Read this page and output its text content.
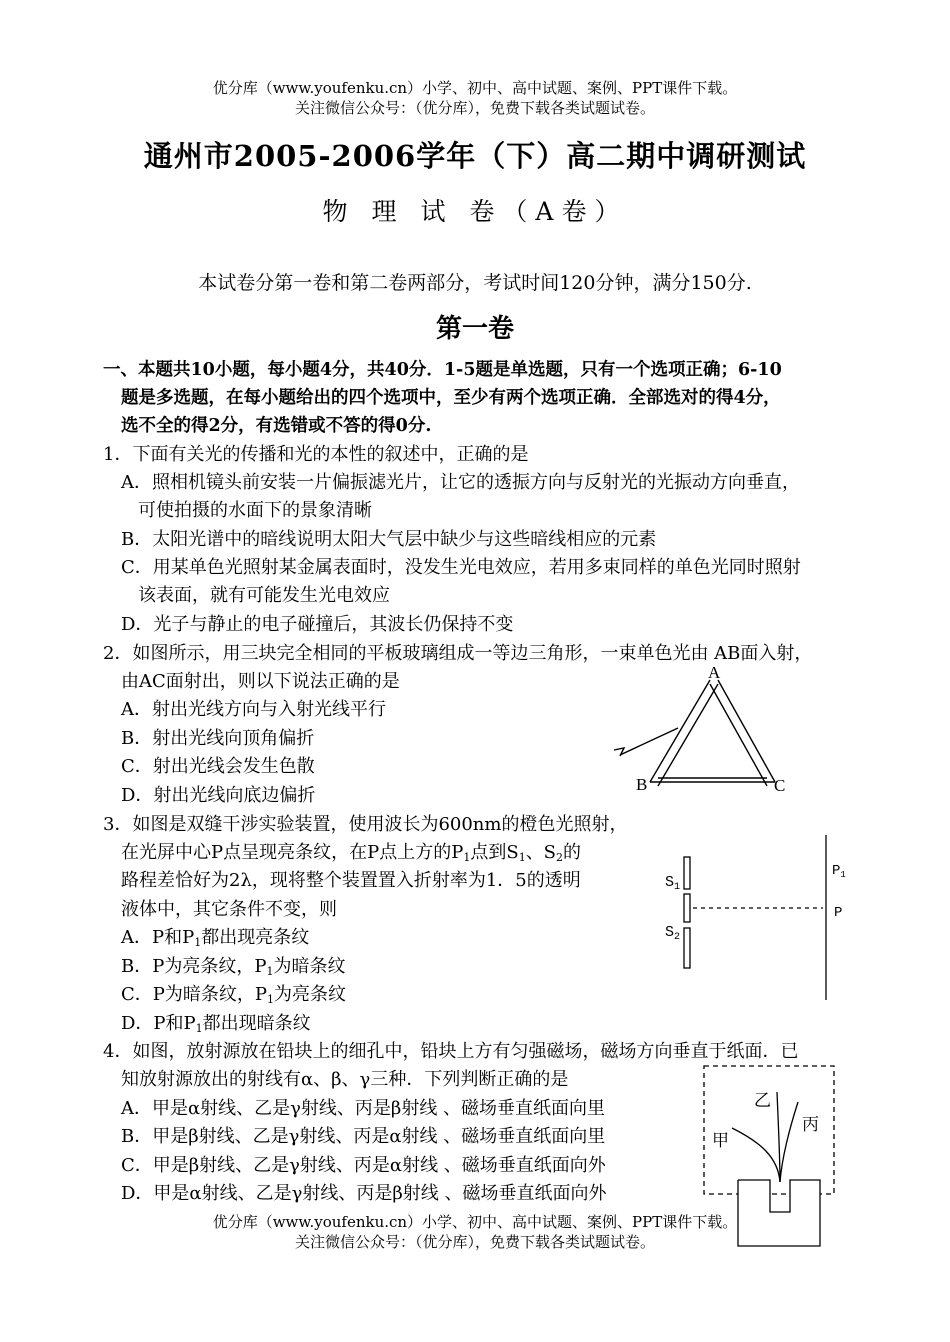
优分库（www.youfenku.cn）小学、初中、高中试题、案例、PPT课件下载。
关注微信公众号：（优分库），免费下载各类试题试卷。
通州市2005-2006学年（下）高二期中调研测试
物 理 试 卷（A卷）
本试卷分第一卷和第二卷两部分，考试时间120分钟，满分150分.
第一卷
一、本题共10小题，每小题4分，共40分．1-5题是单选题，只有一个选项正确；6-10
题是多选题，在每小题给出的四个选项中，至少有两个选项正确．全部选对的得4分，
选不全的得2分，有选错或不答的得0分.
1．下面有关光的传播和光的本性的叙述中，正确的是
A．照相机镜头前安装一片偏振滤光片，让它的透振方向与反射光的光振动方向垂直，
可使拍摄的水面下的景象清晰
B．太阳光谱中的暗线说明太阳大气层中缺少与这些暗线相应的元素
C．用某单色光照射某金属表面时，没发生光电效应，若用多束同样的单色光同时照射
该表面，就有可能发生光电效应
D．光子与静止的电子碰撞后，其波长仍保持不变
2．如图所示，用三块完全相同的平板玻璃组成一等边三角形，一束单色光由 AB面入射，
由AC面射出，则以下说法正确的是
A．射出光线方向与入射光线平行
B．射出光线向顶角偏折
C．射出光线会发生色散
D．射出光线向底边偏折
A
B	C
3．如图是双缝干涉实验装置，使用波长为600nm的橙色光照射，
在光屏中心P点呈现亮条纹，在P点上方的$P_1$点到$S_1$、$S_2$的
路程差恰好为2λ，现将整个装置置入折射率为1．5的透明
液体中，其它条件不变，则
A．P和$P_1$都出现亮条纹
B．P为亮条纹，$P_1$为暗条纹
C．P为暗条纹，$P_1$为亮条纹
D．P和$P_1$都出现暗条纹
$S_1$
$S_2$
$P_1$
P
4．如图，放射源放在铅块上的细孔中，铅块上方有匀强磁场，磁场方向垂直于纸面．已
知放射源放出的射线有α、β、γ三种．下列判断正确的是
A．甲是α射线、乙是γ射线、丙是β射线 、磁场垂直纸面向里
B．甲是β射线、乙是γ射线、丙是α射线 、磁场垂直纸面向里
C．甲是β射线、乙是γ射线、丙是α射线 、磁场垂直纸面向外
D．甲是α射线、乙是γ射线、丙是β射线 、磁场垂直纸面向外
乙
丙
甲
优分库（www.youfenku.cn）小学、初中、高中试题、案例、PPT课件下载。
关注微信公众号：（优分库），免费下载各类试题试卷。
